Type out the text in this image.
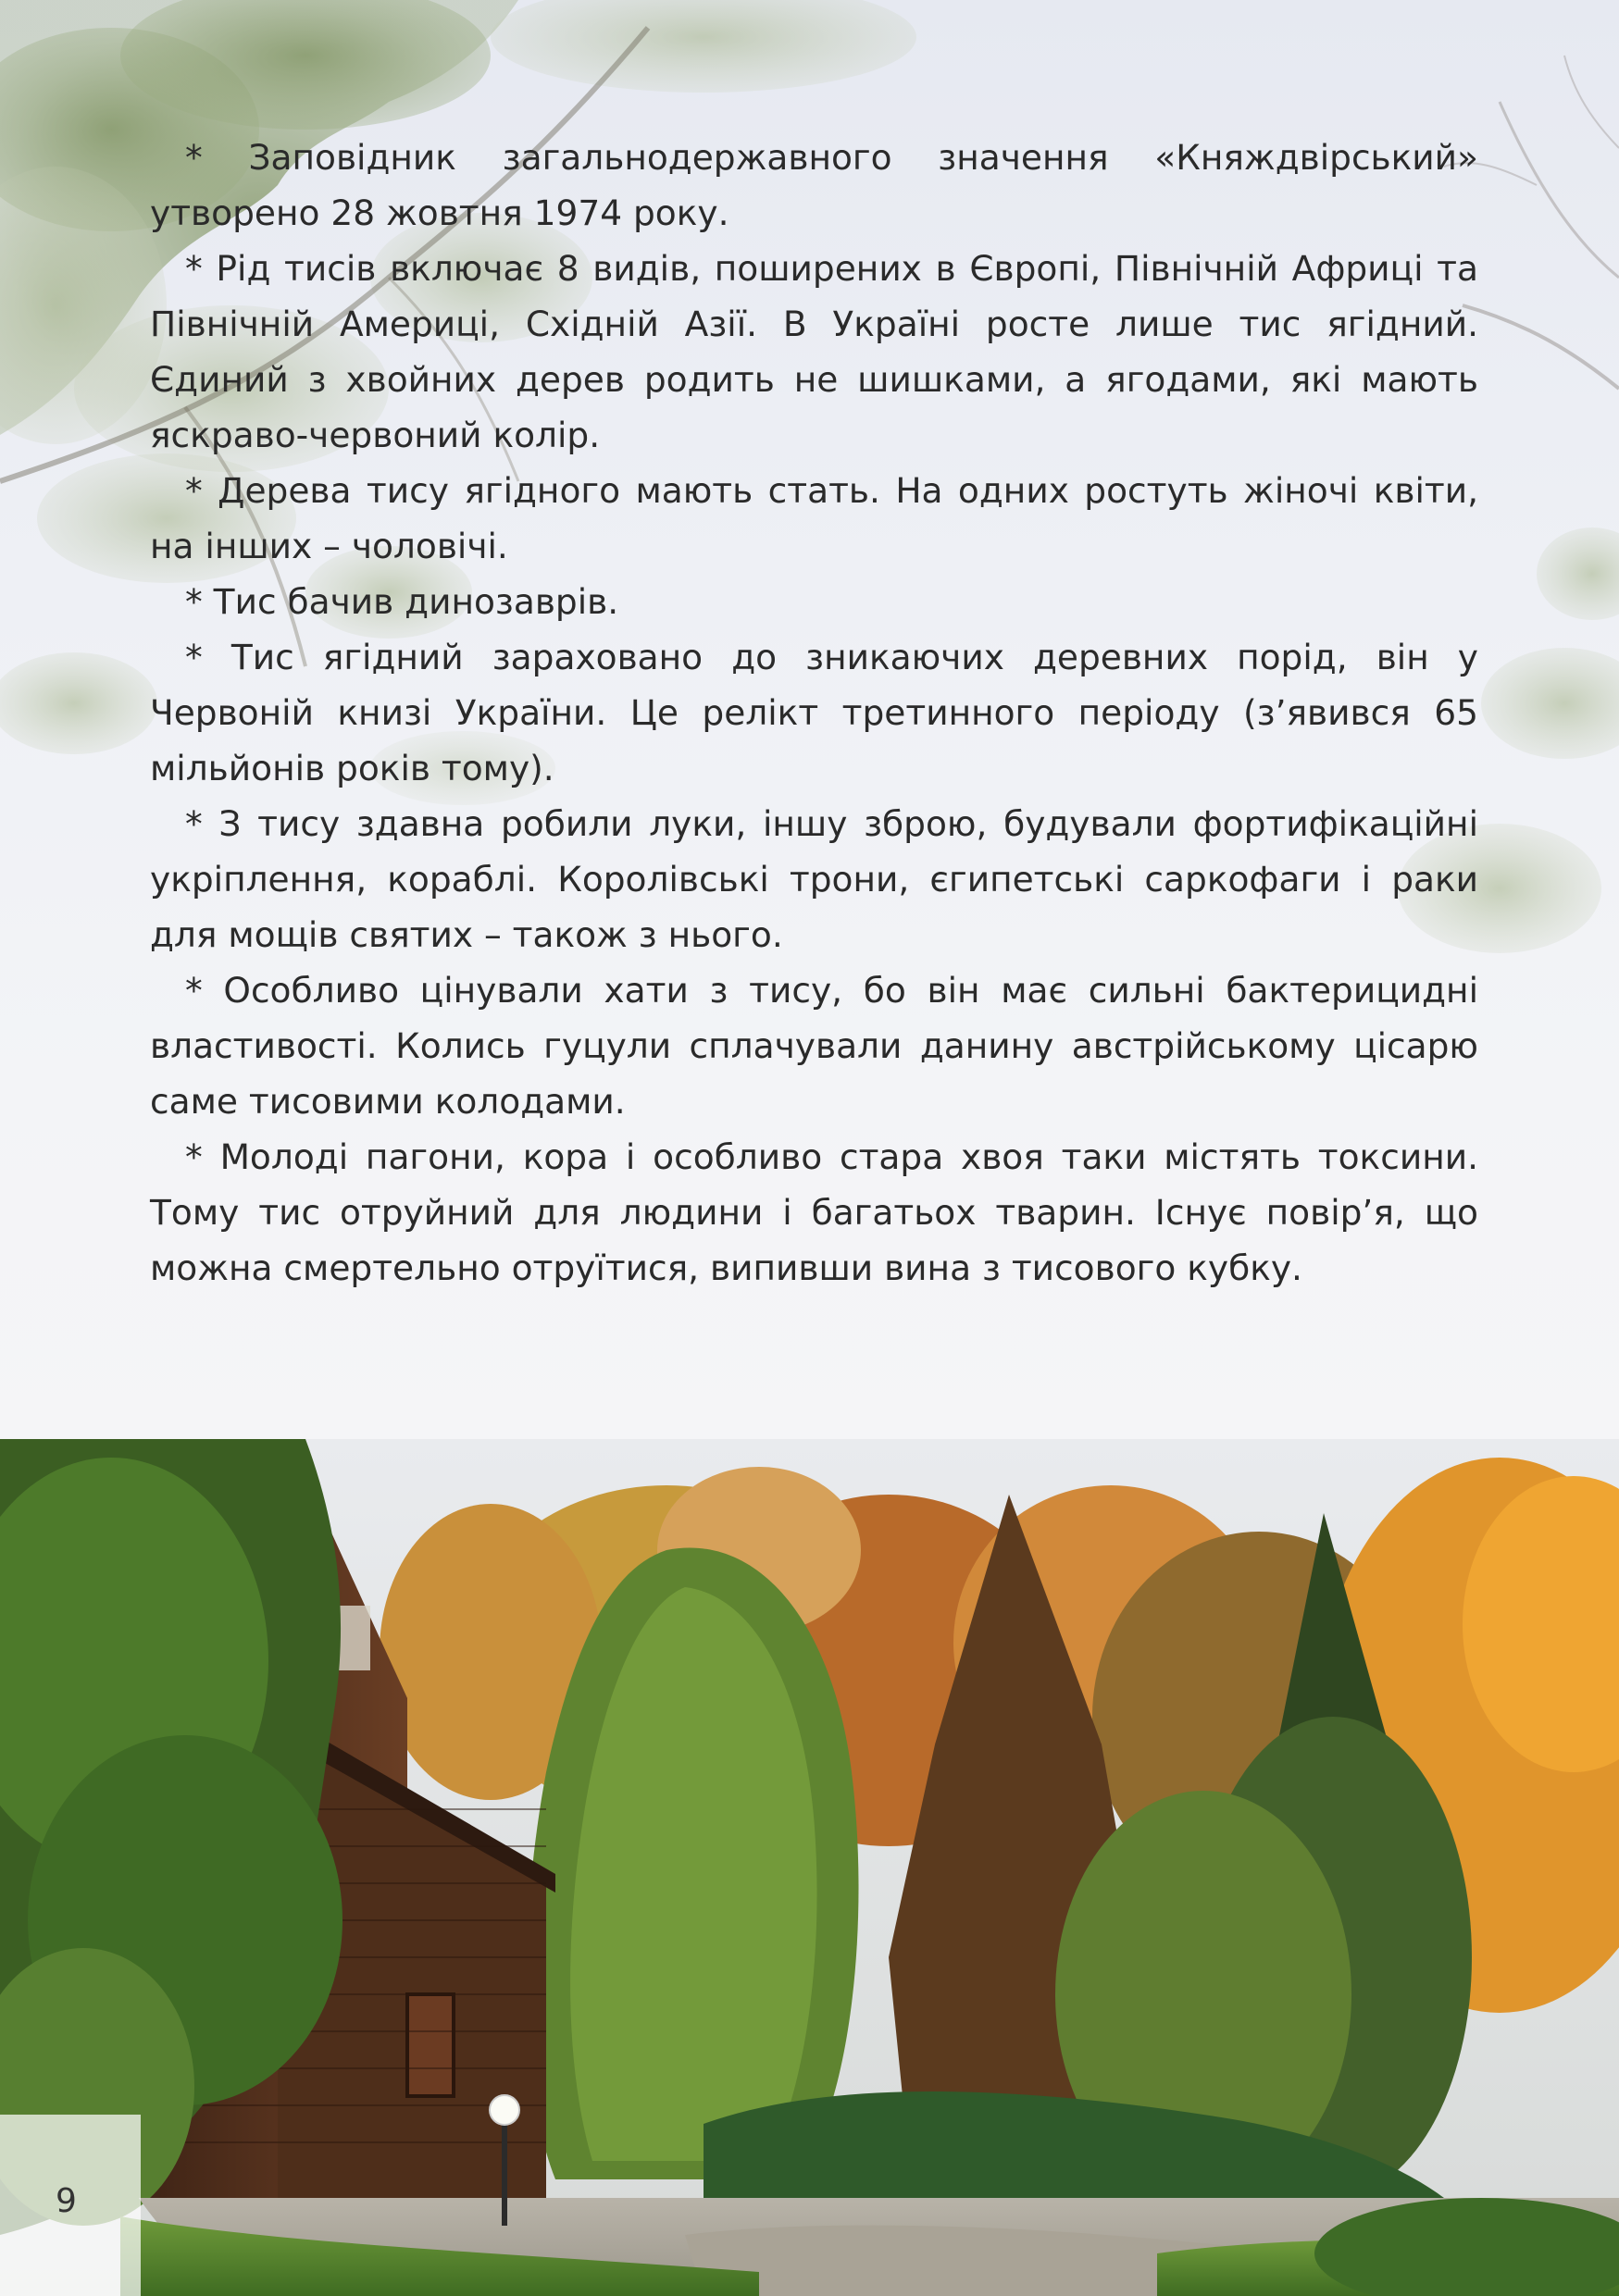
* Заповідник загальнодержавного значення «Княждвірський» утворено 28 жовтня 1974 року.

* Рід тисів включає 8 видів, поширених в Європі, Північній Африці та Північній Америці, Східній Азії. В Україні росте лише тис ягідний. Єдиний з хвойних дерев родить не шишками, а ягодами, які мають яскраво-червоний колір.

* Дерева тису ягідного мають стать. На одних ростуть жіночі квіти, на інших – чоловічі.

* Тис бачив динозаврів.

* Тис ягідний зараховано до зникаючих деревних порід, він у Червоній книзі України. Це релікт третинного періоду (з’явився 65 мільйонів років тому).

* З тису здавна робили луки, іншу зброю, будували фортифікаційні укріплення, кораблі. Королівські трони, єгипетські саркофаги і раки для мощів святих – також з нього.

* Особливо цінували хати з тису, бо він має сильні бактерицидні властивості. Колись гуцули сплачували данину австрійському цісарю саме тисовими колодами.

* Молоді пагони, кора і особливо стара хвоя таки містять токсини. Тому тис отруйний для людини і багатьох тварин. Існує повір’я, що можна смертельно отруїтися, випивши вина з тисового кубку.

9
